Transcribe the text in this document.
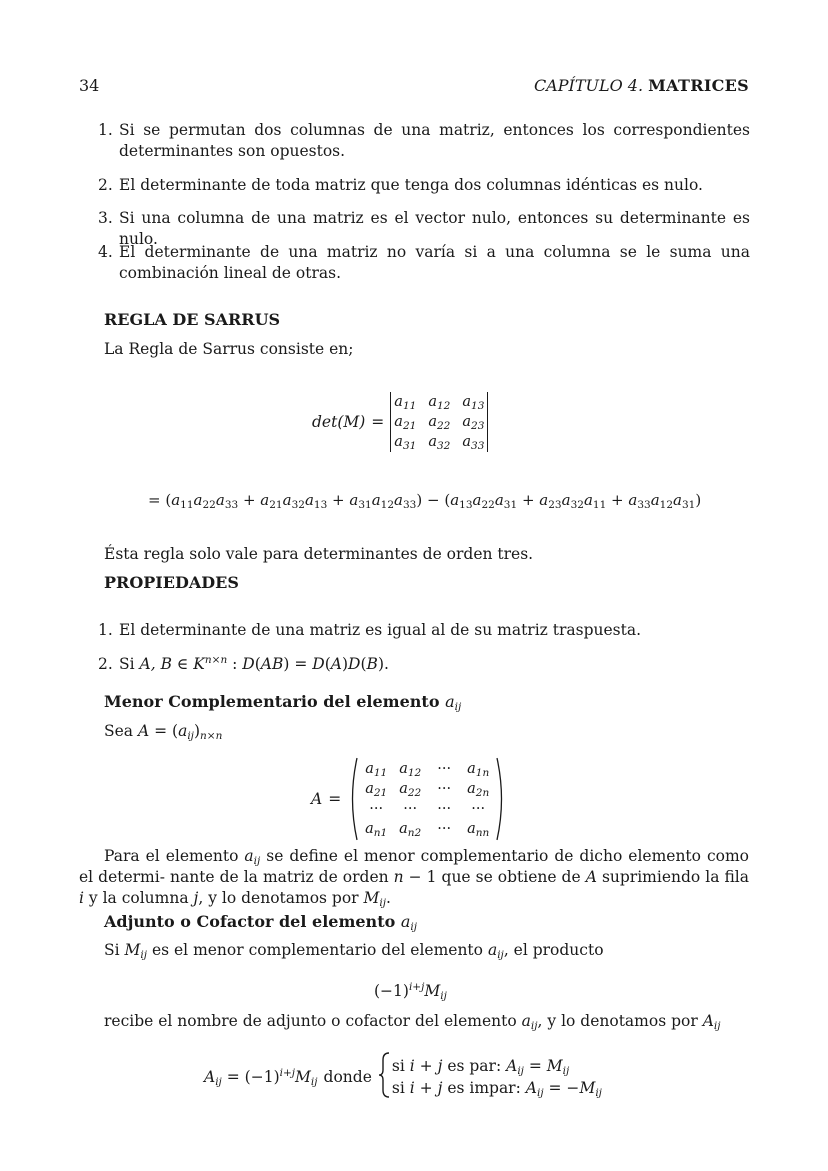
34	CAPÍTULO 4. MATRICES
1. Si se permutan dos columnas de una matriz, entonces los correspondientes determinantes son opuestos.
2. El determinante de toda matriz que tenga dos columnas idénticas es nulo.
3. Si una columna de una matriz es el vector nulo, entonces su determinante es nulo.
4. El determinante de una matriz no varía si a una columna se le suma una combinación lineal de otras.
REGLA DE SARRUS
La Regla de Sarrus consiste en;
det(M) =
$a_{11}$ $a_{12}$ $a_{13}$
$a_{21}$ $a_{22}$ $a_{23}$
$a_{31}$ $a_{32}$ $a_{33}$
= $(a_{11}a_{22}a_{33} + a_{21}a_{32}a_{13} + a_{31}a_{12}a_{33}) - (a_{13}a_{22}a_{31} + a_{23}a_{32}a_{11} + a_{33}a_{12}a_{31})$
Ésta regla solo vale para determinantes de orden tres.
PROPIEDADES
1. El determinante de una matriz es igual al de su matriz traspuesta.
2. Si A, B ∈ $K^{n\times n}$ : D(AB) = D(A)D(B).
Menor Complementario del elemento $a_{ij}$
Sea $A = (a_{ij})_{n\times n}$
A =
$a_{11}$ $a_{12}$	···	$a_{1n}$
$a_{21}$ $a_{22}$	···	$a_{2n}$
···	···	···	···
$a_{n1}$ $a_{n2}$	···	$a_{nn}$
Para el elemento $a_{ij}$ se define el menor complementario de dicho elemento como el determi- nante de la matriz de orden n − 1 que se obtiene de A suprimiendo la fila i y la columna j, y lo denotamos por $M_{ij}$.
Adjunto o Cofactor del elemento $a_{ij}$
Si $M_{ij}$ es el menor complementario del elemento $a_{ij}$, el producto
$(-1)^{i+j}M_{ij}$
recibe el nombre de adjunto o cofactor del elemento $a_{ij}$, y lo denotamos por $A_{ij}$
$A_{ij} = (-1)^{i+j}M_{ij}$ donde
si i + j es par: $A_{ij} = M_{ij}$
si i + j es impar: $A_{ij} = -M_{ij}$
